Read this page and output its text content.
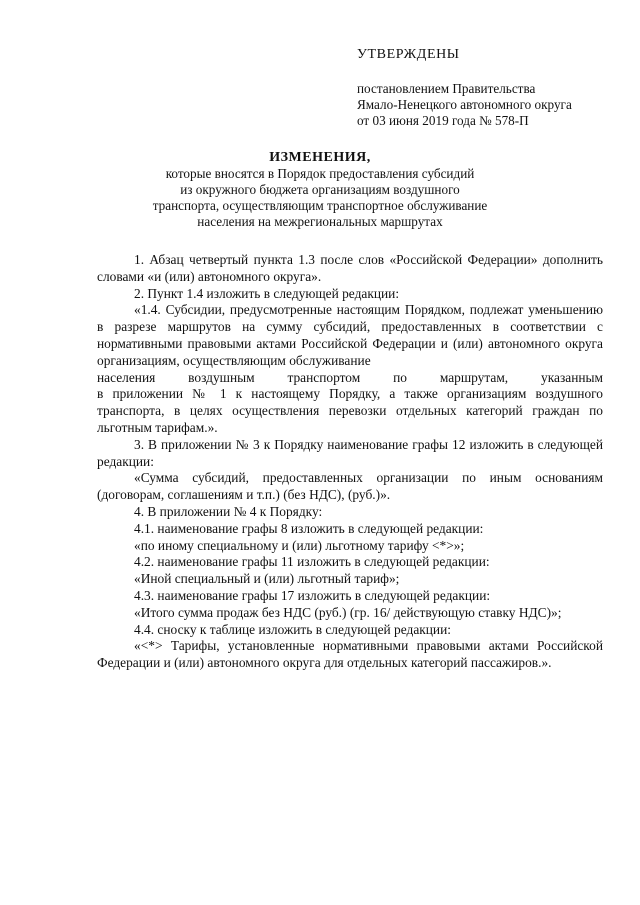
УТВЕРЖДЕНЫ
постановлением Правительства
Ямало-Ненецкого автономного округа
от 03 июня 2019 года № 578-П
ИЗМЕНЕНИЯ,
которые вносятся в Порядок предоставления субсидий
из окружного бюджета организациям воздушного
транспорта, осуществляющим транспортное обслуживание
населения на межрегиональных маршрутах

1. Абзац четвертый пункта 1.3 после слов «Российской Федерации» дополнить словами «и (или) автономного округа».

2. Пункт 1.4 изложить в следующей редакции:

«1.4. Субсидии, предусмотренные настоящим Порядком, подлежат уменьшению в разрезе маршрутов на сумму субсидий, предоставленных в соответствии с нормативными правовыми актами Российской Федерации и (или) автономного округа организациям, осуществляющим обслуживание

населения воздушным транспортом по маршрутам, указанным
в приложении № 1 к настоящему Порядку, а также организациям воздушного транспорта, в целях осуществления перевозки отдельных категорий граждан по льготным тарифам.».

3. В приложении № 3 к Порядку наименование графы 12 изложить в следующей редакции:

«Сумма субсидий, предоставленных организации по иным основаниям (договорам, соглашениям и т.п.) (без НДС), (руб.)».

4. В приложении № 4 к Порядку:

4.1. наименование графы 8 изложить в следующей редакции:

«по иному специальному и (или) льготному тарифу <*>»;

4.2. наименование графы 11 изложить в следующей редакции:

«Иной специальный и (или) льготный тариф»;

4.3. наименование графы 17 изложить в следующей редакции:

«Итого сумма продаж без НДС (руб.) (гр. 16/ действующую ставку НДС)»;

4.4. сноску к таблице изложить в следующей редакции:

«<*> Тарифы, установленные нормативными правовыми актами Российской Федерации и (или) автономного округа для отдельных категорий пассажиров.».
